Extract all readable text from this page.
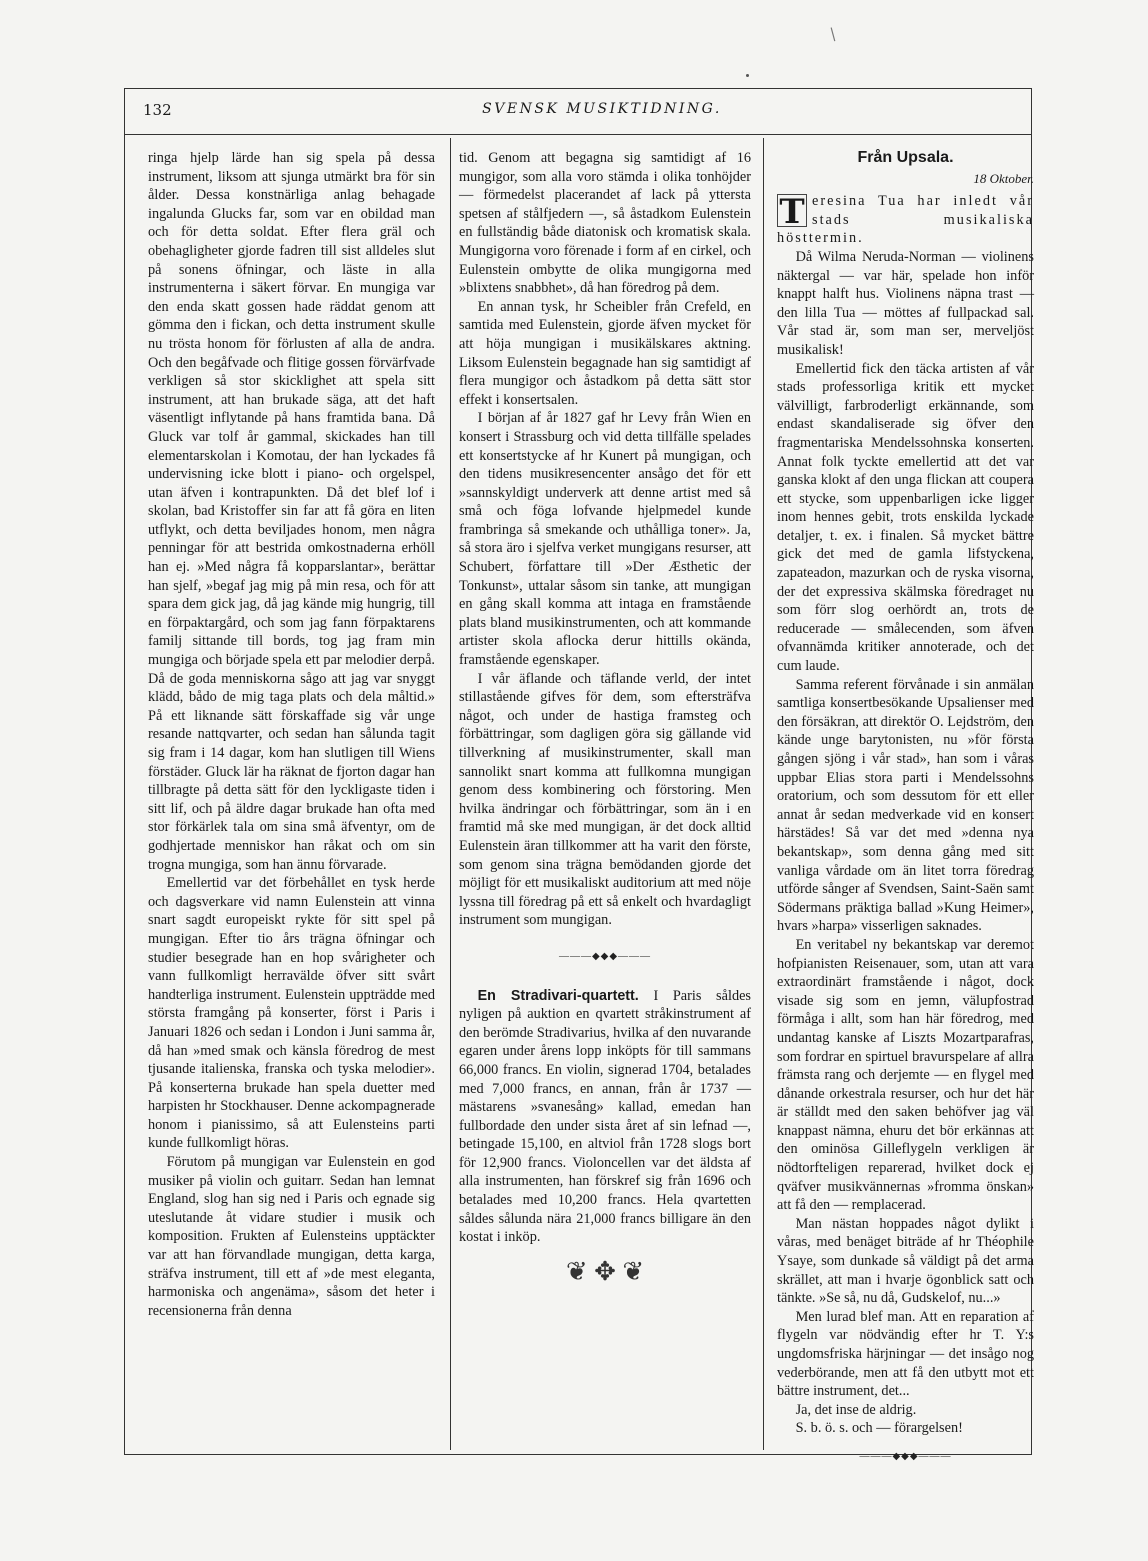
❘
132	SVENSK MUSIKTIDNING.

ringa hjelp lärde han sig spela på dessa instrument, liksom att sjunga utmärkt bra för sin ålder. Dessa konstnärliga anlag behagade ingalunda Glucks far, som var en obildad man och för detta soldat. Efter flera gräl och obehagligheter gjorde fadren till sist alldeles slut på sonens öfningar, och läste in alla instrumenterna i säkert förvar. En mungiga var den enda skatt gossen hade räddat genom att gömma den i fickan, och detta instrument skulle nu trösta honom för förlusten af alla de andra. Och den begåfvade och flitige gossen förvärfvade verkligen så stor skicklighet att spela sitt instrument, att han brukade säga, att det haft väsentligt inflytande på hans framtida bana. Då Gluck var tolf år gammal, skickades han till elementarskolan i Komotau, der han lyckades få undervisning icke blott i piano- och orgelspel, utan äfven i kontrapunkten. Då det blef lof i skolan, bad Kristoffer sin far att få göra en liten utflykt, och detta beviljades honom, men några penningar för att bestrida omkostnaderna erhöll han ej. »Med några få kopparslantar», berättar han sjelf, »begaf jag mig på min resa, och för att spara dem gick jag, då jag kände mig hungrig, till en förpaktargård, och som jag fann förpaktarens familj sittande till bords, tog jag fram min mungiga och började spela ett par melodier derpå. Då de goda menniskorna sågo att jag var snyggt klädd, bådo de mig taga plats och dela måltid.» På ett liknande sätt förskaffade sig vår unge resande nattqvarter, och sedan han sålunda tagit sig fram i 14 dagar, kom han slutligen till Wiens förstäder. Gluck lär ha räknat de fjorton dagar han tillbragte på detta sätt för den lyckligaste tiden i sitt lif, och på äldre dagar brukade han ofta med stor förkärlek tala om sina små äfventyr, om de godhjertade menniskor han råkat och om sin trogna mungiga, som han ännu förvarade.

Emellertid var det förbehållet en tysk herde och dagsverkare vid namn Eulenstein att vinna snart sagdt europeiskt rykte för sitt spel på mungigan. Efter tio års trägna öfningar och studier besegrade han en hop svårigheter och vann fullkomligt herravälde öfver sitt svårt handterliga instrument. Eulenstein uppträdde med största framgång på konserter, först i Paris i Januari 1826 och sedan i London i Juni samma år, då han »med smak och känsla föredrog de mest tjusande italienska, franska och tyska melodier». På konserterna brukade han spela duetter med harpisten hr Stockhauser. Denne ackompagnerade honom i pianissimo, så att Eulensteins parti kunde fullkomligt höras.

Förutom på mungigan var Eulenstein en god musiker på violin och guitarr. Sedan han lemnat England, slog han sig ned i Paris och egnade sig uteslutande åt vidare studier i musik och komposition. Frukten af Eulensteins upptäckter var att han förvandlade mungigan, detta karga, sträfva instrument, till ett af »de mest eleganta, harmoniska och angenäma», såsom det heter i recensionerna från denna

tid. Genom att begagna sig samtidigt af 16 mungigor, som alla voro stämda i olika tonhöjder — förmedelst placerandet af lack på yttersta spetsen af stålfjedern —, så åstadkom Eulenstein en fullständig både diatonisk och kromatisk skala. Mungigorna voro förenade i form af en cirkel, och Eulenstein ombytte de olika mungigorna med »blixtens snabbhet», då han föredrog på dem.

En annan tysk, hr Scheibler från Crefeld, en samtida med Eulenstein, gjorde äfven mycket för att höja mungigan i musikälskares aktning. Liksom Eulenstein begagnade han sig samtidigt af flera mungigor och åstadkom på detta sätt stor effekt i konsertsalen.

I början af år 1827 gaf hr Levy från Wien en konsert i Strassburg och vid detta tillfälle spelades ett konsertstycke af hr Kunert på mungigan, och den tidens musikresencenter ansågo det för ett »sannskyldigt underverk att denne artist med så små och föga lofvande hjelpmedel kunde frambringa så smekande och uthålliga toner». Ja, så stora äro i sjelfva verket mungigans resurser, att Schubert, författare till »Der Æsthetic der Tonkunst», uttalar såsom sin tanke, att mungigan en gång skall komma att intaga en framstående plats bland musikinstrumenten, och att kommande artister skola aflocka derur hittills okända, framstående egenskaper.

I vår äflande och täflande verld, der intet stillastående gifves för dem, som eftersträfva något, och under de hastiga framsteg och förbättringar, som dagligen göra sig gällande vid tillverkning af musikinstrumenter, skall man sannolikt snart komma att fullkomna mungigan genom dess kombinering och förstoring. Men hvilka ändringar och förbättringar, som än i en framtid må ske med mungigan, är det dock alltid Eulenstein äran tillkommer att ha varit den förste, som genom sina trägna bemödanden gjorde det möjligt för ett musikaliskt auditorium att med nöje lyssna till föredrag på ett så enkelt och hvardagligt instrument som mungigan.

———◆◆◆———

En Stradivari-quartett. I Paris såldes nyligen på auktion en qvartett stråkinstrument af den berömde Stradivarius, hvilka af den nuvarande egaren under årens lopp inköpts för till sammans 66,000 francs. En violin, signerad 1704, betalades med 7,000 francs, en annan, från år 1737 — mästarens »svanesång» kallad, emedan han fullbordade den under sista året af sin lefnad —, betingade 15,100, en altviol från 1728 slogs bort för 12,900 francs. Violoncellen var det äldsta af alla instrumenten, han förskref sig från 1696 och betalades med 10,200 francs. Hela qvartetten såldes sålunda nära 21,000 francs billigare än den kostat i inköp.

❦ ✥ ❦
Från Upsala.
18 Oktober.

T eresina Tua har inledt vår stads musikaliska hösttermin.

Då Wilma Neruda-Norman — violinens näktergal — var här, spelade hon inför knappt halft hus. Violinens näpna trast — den lilla Tua — möttes af fullpackad sal. Vår stad är, som man ser, merveljöst musikalisk!

Emellertid fick den täcka artisten af vår stads professorliga kritik ett mycket välvilligt, farbroderligt erkännande, som endast skandaliserade sig öfver den fragmentariska Mendelssohnska konserten. Annat folk tyckte emellertid att det var ganska klokt af den unga flickan att coupera ett stycke, som uppenbarligen icke ligger inom hennes gebit, trots enskilda lyckade detaljer, t. ex. i finalen. Så mycket bättre gick det med de gamla lifstyckena, zapateadon, mazurkan och de ryska visorna, der det expressiva skälmska föredraget nu som förr slog oerhördt an, trots de reducerade — smålecenden, som äfven ofvannämda kritiker annoterade, och det cum laude.

Samma referent förvånade i sin anmälan samtliga konsertbesökande Upsalienser med den försäkran, att direktör O. Lejdström, den kände unge barytonisten, nu »för första gången sjöng i vår stad», han som i våras uppbar Elias stora parti i Mendelssohns oratorium, och som dessutom för ett eller annat år sedan medverkade vid en konsert härstädes! Så var det med »denna nya bekantskap», som denna gång med sitt vanliga vårdade om än litet torra föredrag utförde sånger af Svendsen, Saint-Saën samt Södermans präktiga ballad »Kung Heimer», hvars »harpa» visserligen saknades.

En veritabel ny bekantskap var deremot hofpianisten Reisenauer, som, utan att vara extraordinärt framstående i något, dock visade sig som en jemn, välupfostrad förmåga i allt, som han här föredrog, med undantag kanske af Liszts Mozartparafras, som fordrar en spirtuel bravurspelare af allra främsta rang och derjemte — en flygel med dånande orkestrala resurser, och hur det här är ställdt med den saken behöfver jag väl knappast nämna, ehuru det bör erkännas att den ominösa Gilleflygeln verkligen är nödtorfteligen reparerad, hvilket dock ej qväfver musikvännernas »fromma önskan» att få den — remplacerad.

Man nästan hoppades något dylikt i våras, med benäget biträde af hr Théophile Ysaye, som dunkade så väldigt på det arma skrället, att man i hvarje ögonblick satt och tänkte. »Se så, nu då, Gudskelof, nu...»

Men lurad blef man. Att en reparation af flygeln var nödvändig efter hr T. Y:s ungdomsfriska härjningar — det insågo nog vederbörande, men att få den utbytt mot ett bättre instrument, det...

Ja, det inse de aldrig.

S. b. ö. s. och — förargelsen!

———◆◆◆———
